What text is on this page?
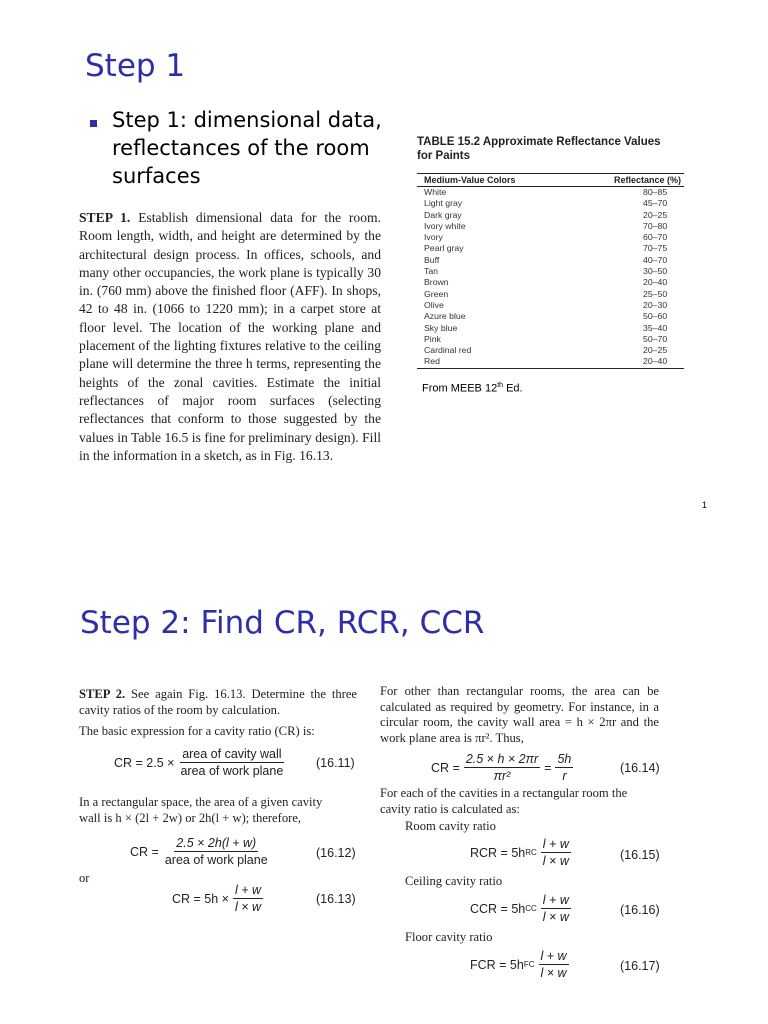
Step 1
Step 1: dimensional data, reflectances of the room surfaces
STEP 1. Establish dimensional data for the room. Room length, width, and height are determined by the architectural design process. In offices, schools, and many other occupancies, the work plane is typically 30 in. (760 mm) above the finished floor (AFF). In shops, 42 to 48 in. (1066 to 1220 mm); in a carpet store at floor level. The location of the working plane and placement of the lighting fixtures relative to the ceiling plane will determine the three h terms, representing the heights of the zonal cavities. Estimate the initial reflectances of major room surfaces (selecting reflectances that conform to those suggested by the values in Table 16.5 is fine for preliminary design). Fill in the information in a sketch, as in Fig. 16.13.
TABLE 15.2 Approximate Reflectance Values
for Paints
Medium-Value Colors	Reflectance (%)
White	80–85
Light gray	45–70
Dark gray	20–25
Ivory white	70–80
Ivory	60–70
Pearl gray	70–75
Buff	40–70
Tan	30–50
Brown	20–40
Green	25–50
Olive	20–30
Azure blue	50–60
Sky blue	35–40
Pink	50–70
Cardinal red	20–25
Red	20–40
From MEEB 12th Ed.
1
Step 2: Find CR, RCR, CCR
STEP 2. See again Fig. 16.13. Determine the three cavity ratios of the room by calculation.
The basic expression for a cavity ratio (CR) is:
CR = $2.5 \times \frac{\text{area of cavity wall}}{\text{area of work plane}} (16.11)$
In a rectangular space, the area of a given cavity
wall is h × (2l + 2w) or 2h(l + w); therefore,
CR = $\frac{2.5 \times 2h(l + w)}{\text{area of work plane}}$	(16.12)
or
CR = $5h \times \frac{l + w}{l \times w}$	(16.13)
For other than rectangular rooms, the area can be calculated as required by geometry. For instance, in a circular room, the cavity wall area = h × 2πr and the work plane area is πr². Thus,
CR = $\frac{2.5 \times h \times 2\pi r}{\text{πr²}} = \frac{5h}{r}$	(16.14)
For each of the cavities in a rectangular room the cavity ratio is calculated as:
Room cavity ratio
RCR = 5h RC $\frac{l + w}{l \times w}$	(16.15)
Ceiling cavity ratio
CCR = 5h CC $\frac{l + w}{l \times w}$	(16.16)
Floor cavity ratio
FCR = 5h FC $\frac{l + w}{l \times w}$	(16.17)
